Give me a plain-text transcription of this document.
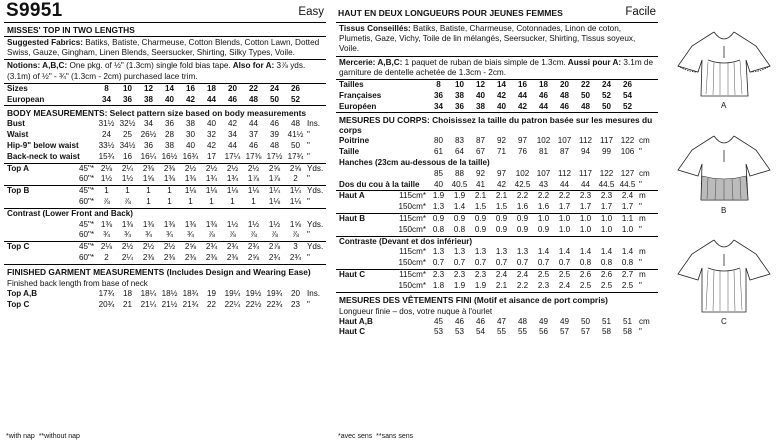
S9951	Easy
MISSES' TOP IN TWO LENGTHS
Suggested Fabrics: Batiks, Batiste, Charmeuse, Cotton Blends, Cotton Lawn, Dotted Swiss, Gauze, Gingham, Linen Blends, Seersucker, Shirting, Silky Types, Voile.
Notions: A,B,C: One pkg. of ½" (1.3cm) single fold bias tape. Also for A: 3⅞ yds. (3.1m) of ½" - ¾" (1.3cm - 2cm) purchased lace trim.
Sizes	8	10	12	14	16	18	20	22	24	26	
European	34	36	38	40	42	44	46	48	50	52	
BODY MEASUREMENTS: Select pattern size based on body measurements
Bust	31½	32½	34	36	38	40	42	44	46	48	Ins.
Waist	24	25	26½	28	30	32	34	37	39	41½	"
Hip-9" below waist	33½	34½	36	38	40	42	44	46	48	50	"
Back-neck to waist	15¾	16	16¼	16½	16¾	17	17¼	17⅜	17½	17¾	"
Top A 45"*	2⅛	2¼	2⅜	2⅜	2½	2½	2½	2½	2⅝	2⅝	Yds.
60"*	1½	1½	1⅝	1⅜	1⅜	1¾	1¾	1⅞	1⅞	2	"

Top B 45"*	1	1	1	1	1⅛	1⅛	1⅛	1⅛	1¼	1¼	Yds.
60"*	⅞	⅞	1	1	1	1	1	1	1⅛	1⅛	"
Contrast (Lower Front and Back)											
45"*	1⅜	1⅜	1⅜	1⅜	1⅜	1⅜	1½	1½	1½	1⅝	Yds.
60"*	¾	¾	¾	¾	¾	⅞	⅞	⅞	⅞	⅞	"

Top C 45"*	2⅛	2½	2½	2½	2⅝	2¾	2¾	2¾	2⅞	3	Yds.
60"*	2	2¼	2⅜	2⅜	2⅜	2⅜	2⅜	2⅝	2¾	2¾	"
FINISHED GARMENT MEASUREMENTS (Includes Design and Wearing Ease)
Finished back length from base of neck
Top A,B	17¾	18	18¼	18½	18¾	19	19¼	19½	19¾	20	Ins.
Top C	20¾	21	21¼	21½	21¾	22	22¼	22½	22¾	23	"
*with nap **without nap
HAUT EN DEUX LONGUEURS POUR JEUNES FEMMES	Facile
Tissus Conseillés: Batiks, Batiste, Charmeuse, Cotonnades, Linon de coton, Plumetis, Gaze, Vichy, Toile de lin mélangés, Seersucker, Shirting, Tissus soyeux, Voile.
Mercerie: A,B,C: 1 paquet de ruban de biais simple de 1.3cm. Aussi pour A: 3.1m de garniture de dentelle achetée de 1.3cm - 2cm.
Tailles	8	10	12	14	16	18	20	22	24	26	
Françaises	36	38	40	42	44	46	48	50	52	54	
Européen	34	36	38	40	42	44	46	48	50	52	
MESURES DU CORPS: Choisissez la taille du patron basée sur les mesures du corps
Poitrine	80	83	87	92	97	102	107	112	117	122	cm
Taille	61	64	67	71	76	81	87	94	99	106	"
Hanches (23cm au-dessous de la taille)											
	85	88	92	97	102	107	112	117	122	127	cm
Dos du cou à la taille	40	40.5	41	42	42.5	43	44	44	44.5	44.5	"
Haut A 115cm*	1.9	1.9	2.1	2.1	2.2	2.2	2.2	2.3	2.3	2.4	m
150cm*	1.3	1.4	1.5	1.5	1.6	1.6	1.7	1.7	1.7	1.7	"

Haut B 115cm*	0.9	0.9	0.9	0.9	0.9	1.0	1.0	1.0	1.0	1.1	m
150cm*	0.8	0.8	0.9	0.9	0.9	0.9	1.0	1.0	1.0	1.0	"
Contraste (Devant et dos inférieur)											
115cm*	1.3	1.3	1.3	1.3	1.3	1.4	1.4	1.4	1.4	1.4	m
150cm*	0.7	0.7	0.7	0.7	0.7	0.7	0.7	0.8	0.8	0.8	"

Haut C 115cm*	2.3	2.3	2.3	2.4	2.4	2.5	2.5	2.6	2.6	2.7	m
150cm*	1.8	1.9	1.9	2.1	2.2	2.3	2.4	2.5	2.5	2.5	"
MESURES DES VÊTEMENTS FINI (Motif et aisance de port compris)
Longueur finie – dos, votre nuque à l'ourlet
Haut A,B	45	46	46	47	48	49	49	50	51	51	cm
Haut C	53	53	54	55	55	56	57	57	58	58	"
*avec sens **sans sens
A
B
C
